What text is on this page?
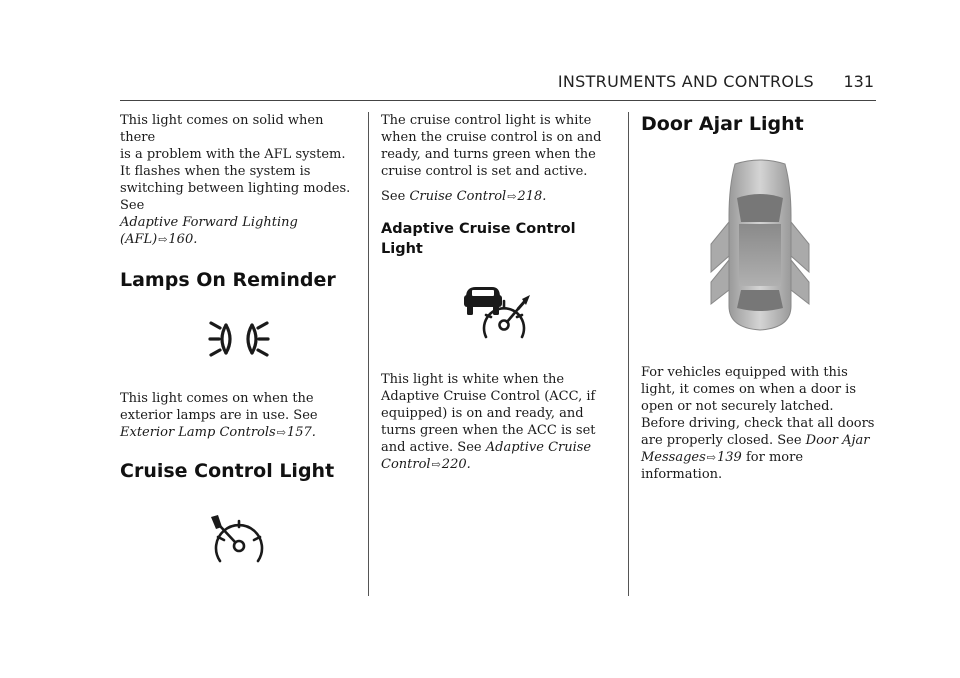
INSTRUMENTS AND CONTROLS 131

This light comes on solid when there
is a problem with the AFL system.
It flashes when the system is
switching between lighting modes. See
Adaptive Forward Lighting (AFL)⇨160.

Lamps On Reminder

This light comes on when the exterior lamps are in use. See Exterior Lamp Controls⇨157.

Cruise Control Light

The cruise control light is white when the cruise control is on and ready, and turns green when the cruise control is set and active.

See Cruise Control⇨218.

Adaptive Cruise Control Light

This light is white when the Adaptive Cruise Control (ACC, if equipped) is on and ready, and turns green when the ACC is set and active. See Adaptive Cruise Control⇨220.

Door Ajar Light

For vehicles equipped with this light, it comes on when a door is open or not securely latched. Before driving, check that all doors are properly closed. See Door Ajar Messages⇨139 for more information.
